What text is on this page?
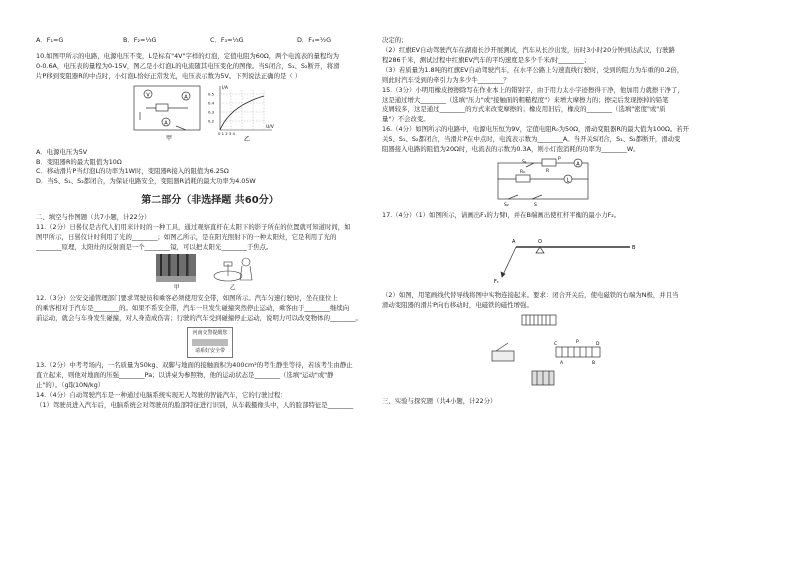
A．F₁=G	B．F₂=⅓G	C．F₃=⅓G	D．F₄=½G
10.如图甲所示的电路，电源电压不变，L是标有"4V"字样的灯泡，定值电阻为60Ω，两个电流表的量程均为
0-0.6A，电压表的量程为0-15V，图乙是小灯泡L的电流随其电压变化的图像。当S闭合，S₁、S₂断开，将滑
片P移到变阻器R的中点时，小灯泡L恰好正常发光，电压表示数为5V。下列说法正确的是（ ）
V	A
A
甲
I/A
U/V
0.5
0.4
0.3
0.2
0 1 2 3 4
乙
A．电源电压为5V
B．变阻器R的最大阻值为10Ω
C．移动滑片P当灯泡L的功率为1W时，变阻器R接入的阻值为6.25Ω
D．当S、S₁、S₂都闭合，为保证电路安全，变阻器R消耗的最大功率为4.05W
第二部分（非选择题 共60分）
二、填空与作图题（共7小题，计22分）
11.（2分）日晷仪是古代人们用来计时的一种工具，通过观察直杆在太阳下的影子所在的位置就可知道时间，如
图甲所示，日晷仪计时利用了光的________；如图乙所示，是在阳光照射下的一种太阳灶，它是利用了光的
________原理，太阳灶的反射面是一个________镜，可以把太阳光________于焦点。
甲	乙
12.（3分）公安交通管理部门要求驾驶员和乘客必须使用安全带，如图所示。汽车匀速行驶时，坐在座位上
的乘客相对于汽车是________的。如果不系安全带，汽车一旦发生碰撞突然停止运动，乘客由于________继续向
前运动，就会与车身发生碰撞，对人身造成伤害；行驶的汽车受到碰撞停止运动，说明力可以改变物体的________。
河南交警提醒您
请系好安全带
13.（2分）中考考场内，一名质量为50kg、双脚与地面的接触面积为400cm²的考生静坐等待，若该考生由静止
直立起来，则他对地面的压强________Pa；以讲桌为参照物，他的运动状态是________（选填"运动"或"静
止"的）。（g取10N/kg）
14.（4分）自动驾驶汽车是一种通过电脑系统实现无人驾驶的智能汽车，它的行驶过程：
（1）驾驶员进入汽车后，电脑系统会对驾驶员的脸部特征进行识别，从车载摄像头中，人的脸部特征是________
决定的；
（2）红旗EV自动驾驶汽车在湖南长沙开展测试，汽车从长沙出发，历时3小时20分钟到达武汉，行驶路
程286千米，测试过程中红旗EV汽车的平均速度是多少千米/时________；
（3）若质量为1.8吨的红旗EV自动驾驶汽车，在水平公路上匀速直线行驶时，受到的阻力为车重的0.2倍，
则此时汽车受到的牵引力为多少牛________？
15.（3分）小明用橡皮擦擦除写在作业本上的错别字，由于用力太小字迹擦得干净，他加用力就擦干净了，
这是通过增大________（选填"压力"或"接触面的粗糙程度"）来增大摩擦力的；擦完后发现擦掉的铅笔
皮屑较多，这是通过________的方式来改变摩擦的；橡皮用旧后，橡皮的________（选填"密度"或"质
量"）不会改变。
16.（4分）如图所示的电路中，电源电压恒为9V，定值电阻R₀为50Ω，滑动变阻器R的最大值为100Ω。若开
关S、S₁、S₂都闭合，当滑片P在中点时，电流表示数为________A。当开关S闭合，S₁、S₂都断开，滑动变
阻器接入电路的阻值为20Ω时，电流表的示数为0.3A，则小灯泡消耗的功率为________W。
L
A
R₀	R
P
S₁
S₂	S
17.（4分）（1）如图所示，请画出F₁的力臂l，并在B端画出使杠杆平衡的最小力F₂。
A	O
B
F₁
（2）如图，用笔画线代替导线将图中实物连接起来。要求：闭合开关后，使电磁铁的右端为N极，并且当
滑动变阻器的滑片P向右移动时，电磁铁的磁性增强。
C	P	D
A	B
三、实验与探究题（共4小题，计22分）
